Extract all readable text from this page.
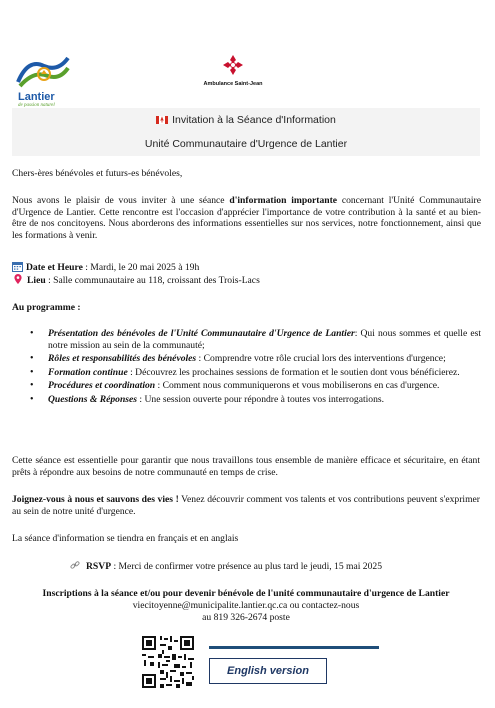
Lantier
de passion naturel
Ambulance Saint-Jean
Invitation à la Séance d'Information
Unité Communautaire d'Urgence de Lantier
Chers-ères bénévoles et futurs-es bénévoles,
Nous avons le plaisir de vous inviter à une séance d'information importante concernant l'Unité Communautaire d'Urgence de Lantier. Cette rencontre est l'occasion d'apprécier l'importance de votre contribution à la santé et au bien-être de nos concitoyens. Nous aborderons des informations essentielles sur nos services, notre fonctionnement, ainsi que les formations à venir.
Date et Heure : Mardi, le 20 mai 2025 à 19h
Lieu : Salle communautaire au 118, croissant des Trois-Lacs
Au programme :
• Présentation des bénévoles de l'Unité Communautaire d'Urgence de Lantier: Qui nous sommes et quelle est notre mission au sein de la communauté;
• Rôles et responsabilités des bénévoles : Comprendre votre rôle crucial lors des interventions d'urgence;
• Formation continue : Découvrez les prochaines sessions de formation et le soutien dont vous bénéficierez.
• Procédures et coordination : Comment nous communiquerons et vous mobiliserons en cas d'urgence.
• Questions & Réponses : Une session ouverte pour répondre à toutes vos interrogations.
Cette séance est essentielle pour garantir que nous travaillons tous ensemble de manière efficace et sécuritaire, en étant prêts à répondre aux besoins de notre communauté en temps de crise.
Joignez-vous à nous et sauvons des vies ! Venez découvrir comment vos talents et vos contributions peuvent s'exprimer au sein de notre unité d'urgence.
La séance d'information se tiendra en français et en anglais
RSVP : Merci de confirmer votre présence au plus tard le jeudi, 15 mai 2025
Inscriptions à la séance et/ou pour devenir bénévole de l'unité communautaire d'urgence de Lantier
viecitoyenne@municipalite.lantier.qc.ca ou contactez-nous
au 819 326-2674 poste
English version
